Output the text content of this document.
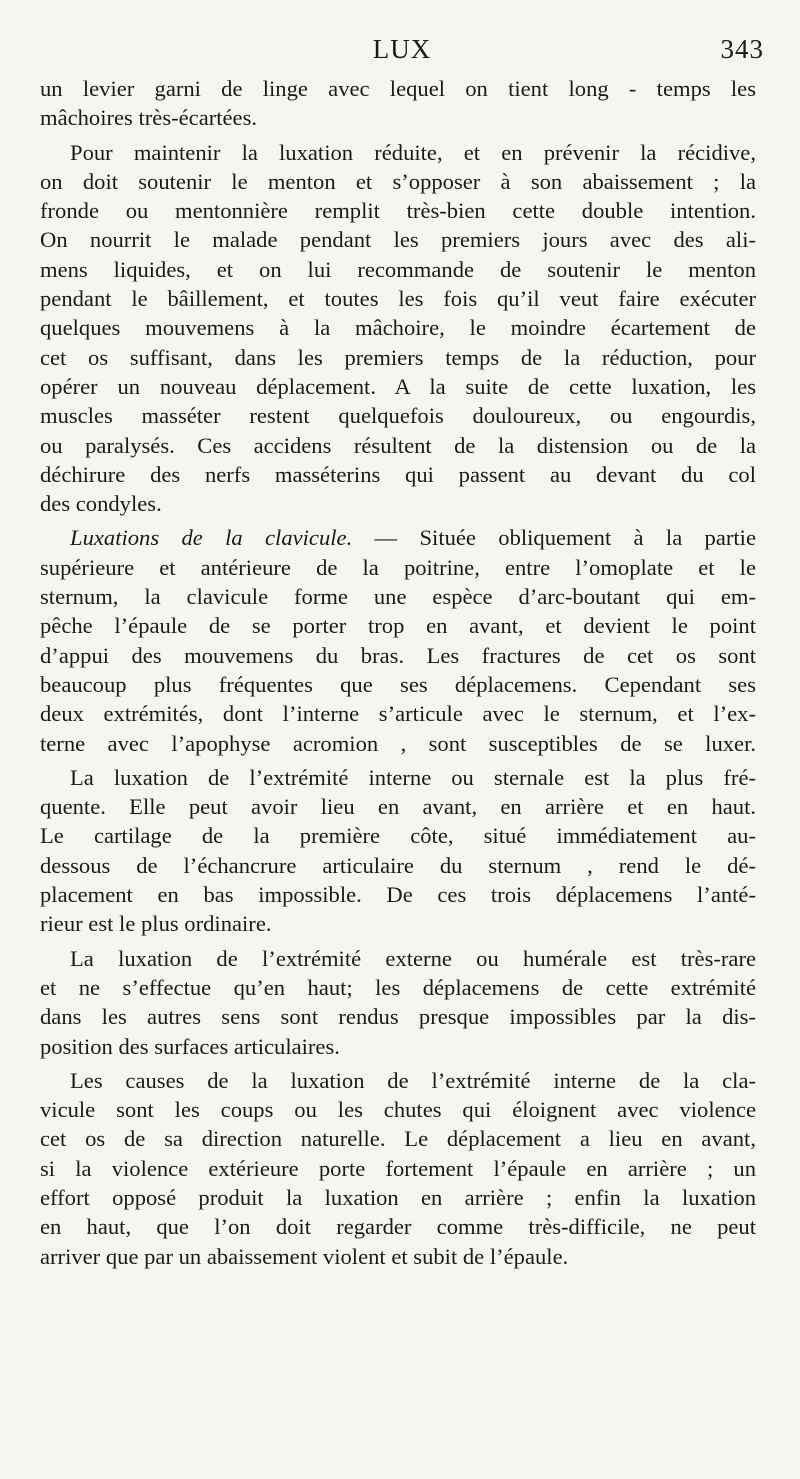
LUX	343
un levier garni de linge avec lequel on tient long - temps les
mâchoires très-écartées.
Pour maintenir la luxation réduite, et en prévenir la récidive,
on doit soutenir le menton et s’opposer à son abaissement ; la
fronde ou mentonnière remplit très-bien cette double intention.
On nourrit le malade pendant les premiers jours avec des ali-
mens liquides, et on lui recommande de soutenir le menton
pendant le bâillement, et toutes les fois qu’il veut faire exécuter
quelques mouvemens à la mâchoire, le moindre écartement de
cet os suffisant, dans les premiers temps de la réduction, pour
opérer un nouveau déplacement. A la suite de cette luxation, les
muscles masséter restent quelquefois douloureux, ou engourdis,
ou paralysés. Ces accidens résultent de la distension ou de la
déchirure des nerfs masséterins qui passent au devant du col
des condyles.
Luxations de la clavicule. — Située obliquement à la partie
supérieure et antérieure de la poitrine, entre l’omoplate et le
sternum, la clavicule forme une espèce d’arc-boutant qui em-
pêche l’épaule de se porter trop en avant, et devient le point
d’appui des mouvemens du bras. Les fractures de cet os sont
beaucoup plus fréquentes que ses déplacemens. Cependant ses
deux extrémités, dont l’interne s’articule avec le sternum, et l’ex-
terne avec l’apophyse acromion , sont susceptibles de se luxer.
La luxation de l’extrémité interne ou sternale est la plus fré-
quente. Elle peut avoir lieu en avant, en arrière et en haut.
Le cartilage de la première côte, situé immédiatement au-
dessous de l’échancrure articulaire du sternum , rend le dé-
placement en bas impossible. De ces trois déplacemens l’anté-
rieur est le plus ordinaire.
La luxation de l’extrémité externe ou humérale est très-rare
et ne s’effectue qu’en haut; les déplacemens de cette extrémité
dans les autres sens sont rendus presque impossibles par la dis-
position des surfaces articulaires.
Les causes de la luxation de l’extrémité interne de la cla-
vicule sont les coups ou les chutes qui éloignent avec violence
cet os de sa direction naturelle. Le déplacement a lieu en avant,
si la violence extérieure porte fortement l’épaule en arrière ; un
effort opposé produit la luxation en arrière ; enfin la luxation
en haut, que l’on doit regarder comme très-difficile, ne peut
arriver que par un abaissement violent et subit de l’épaule.
